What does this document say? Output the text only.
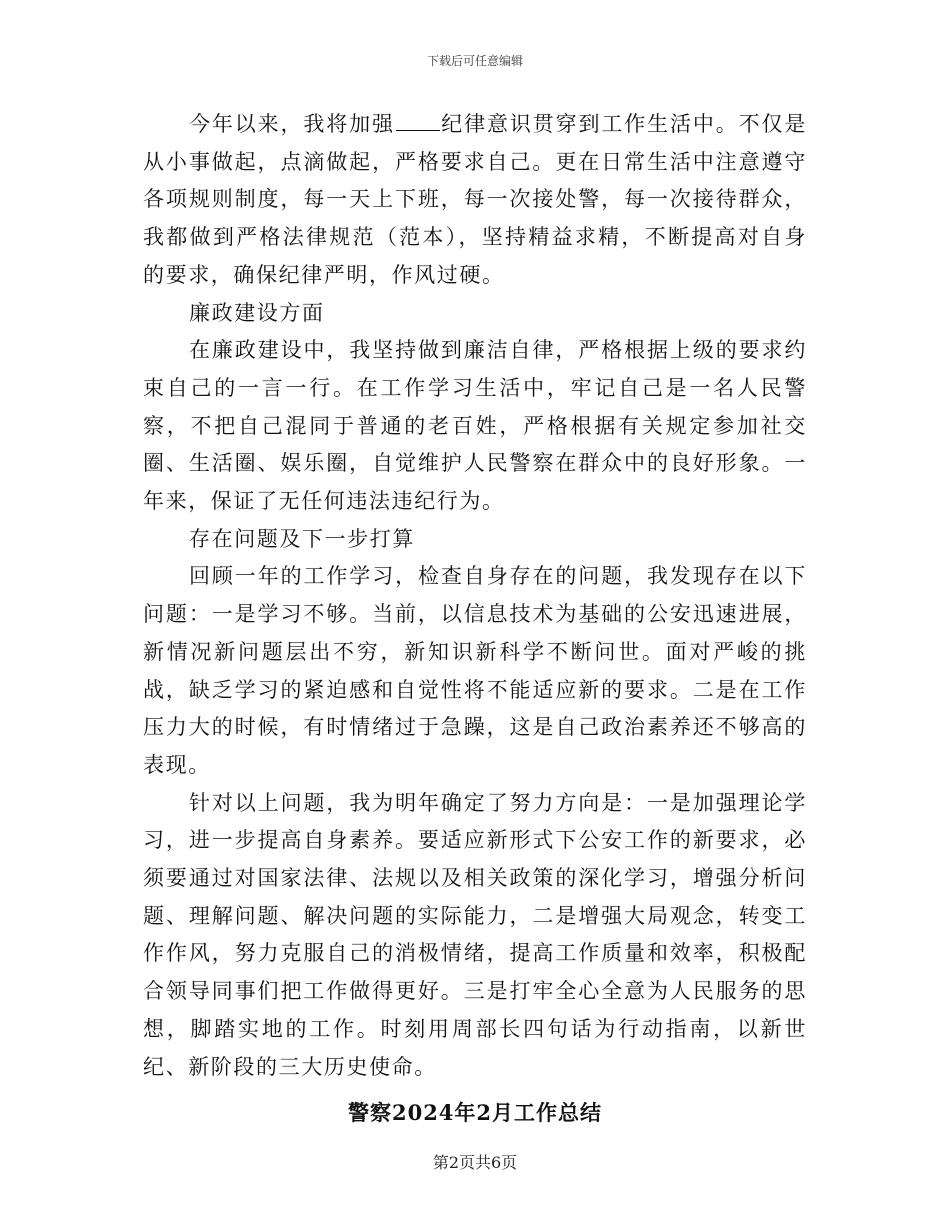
下载后可任意编辑

今年以来，我将加强 纪律意识贯穿到工作生活中。不仅是从小事做起，点滴做起，严格要求自己。更在日常生活中注意遵守各项规则制度，每一天上下班，每一次接处警，每一次接待群众，我都做到严格法律规范（范本），坚持精益求精，不断提高对自身的要求，确保纪律严明，作风过硬。

廉政建设方面

在廉政建设中，我坚持做到廉洁自律，严格根据上级的要求约束自己的一言一行。在工作学习生活中，牢记自己是一名人民警察，不把自己混同于普通的老百姓，严格根据有关规定参加社交圈、生活圈、娱乐圈，自觉维护人民警察在群众中的良好形象。一年来，保证了无任何违法违纪行为。

存在问题及下一步打算

回顾一年的工作学习，检查自身存在的问题，我发现存在以下问题：一是学习不够。当前，以信息技术为基础的公安迅速进展，新情况新问题层出不穷，新知识新科学不断问世。面对严峻的挑战，缺乏学习的紧迫感和自觉性将不能适应新的要求。二是在工作压力大的时候，有时情绪过于急躁，这是自己政治素养还不够高的表现。

针对以上问题，我为明年确定了努力方向是：一是加强理论学习，进一步提高自身素养。要适应新形式下公安工作的新要求，必须要通过对国家法律、法规以及相关政策的深化学习，增强分析问题、理解问题、解决问题的实际能力，二是增强大局观念，转变工作作风，努力克服自己的消极情绪，提高工作质量和效率，积极配合领导同事们把工作做得更好。三是打牢全心全意为人民服务的思想，脚踏实地的工作。时刻用周部长四句话为行动指南，以新世纪、新阶段的三大历史使命。

警察2024年2月工作总结
第2页共6页
